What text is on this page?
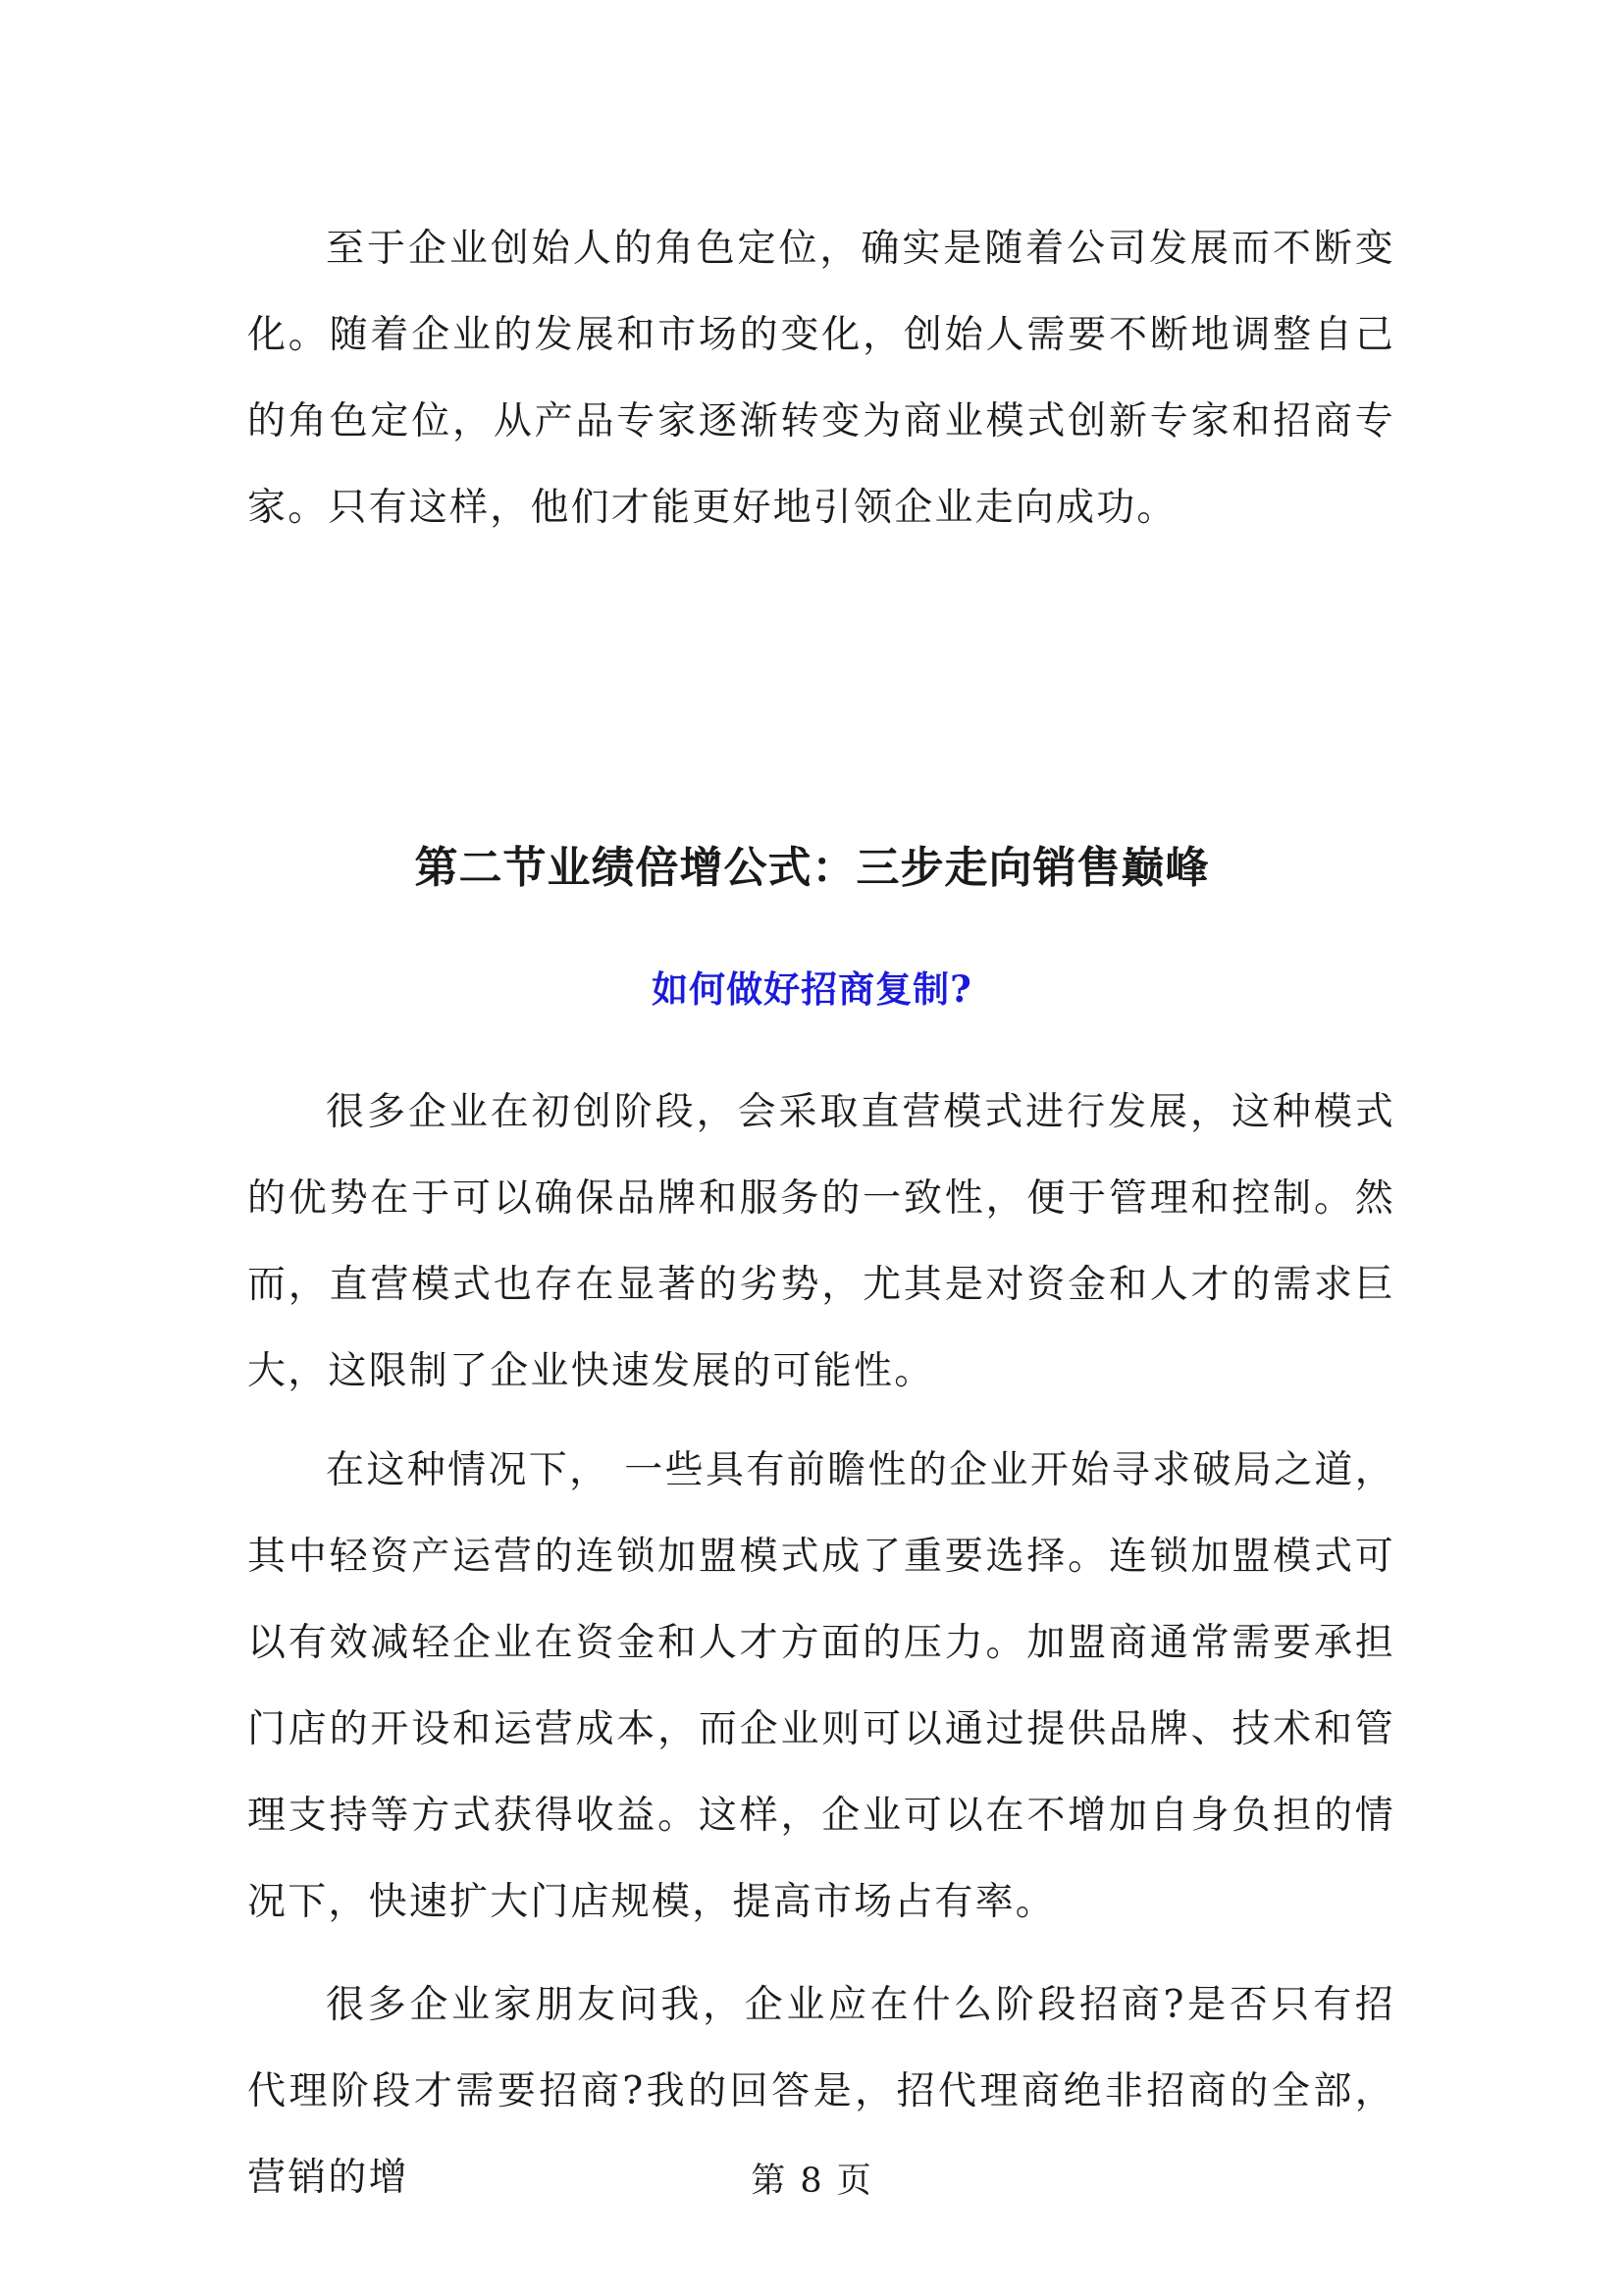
至于企业创始人的角色定位，确实是随着公司发展而不断变化。随着企业的发展和市场的变化，创始人需要不断地调整自己的角色定位，从产品专家逐渐转变为商业模式创新专家和招商专家。只有这样，他们才能更好地引领企业走向成功。

第二节业绩倍增公式：三步走向销售巅峰
如何做好招商复制?

很多企业在初创阶段，会采取直营模式进行发展，这种模式的优势在于可以确保品牌和服务的一致性，便于管理和控制。然而，直营模式也存在显著的劣势，尤其是对资金和人才的需求巨大，这限制了企业快速发展的可能性。

在这种情况下， 一些具有前瞻性的企业开始寻求破局之道，其中轻资产运营的连锁加盟模式成了重要选择。连锁加盟模式可以有效减轻企业在资金和人才方面的压力。加盟商通常需要承担门店的开设和运营成本，而企业则可以通过提供品牌、技术和管理支持等方式获得收益。这样，企业可以在不增加自身负担的情况下，快速扩大门店规模，提高市场占有率。

很多企业家朋友问我，企业应在什么阶段招商?是否只有招代理阶段才需要招商?我的回答是，招代理商绝非招商的全部，营销的增	第 8 页
